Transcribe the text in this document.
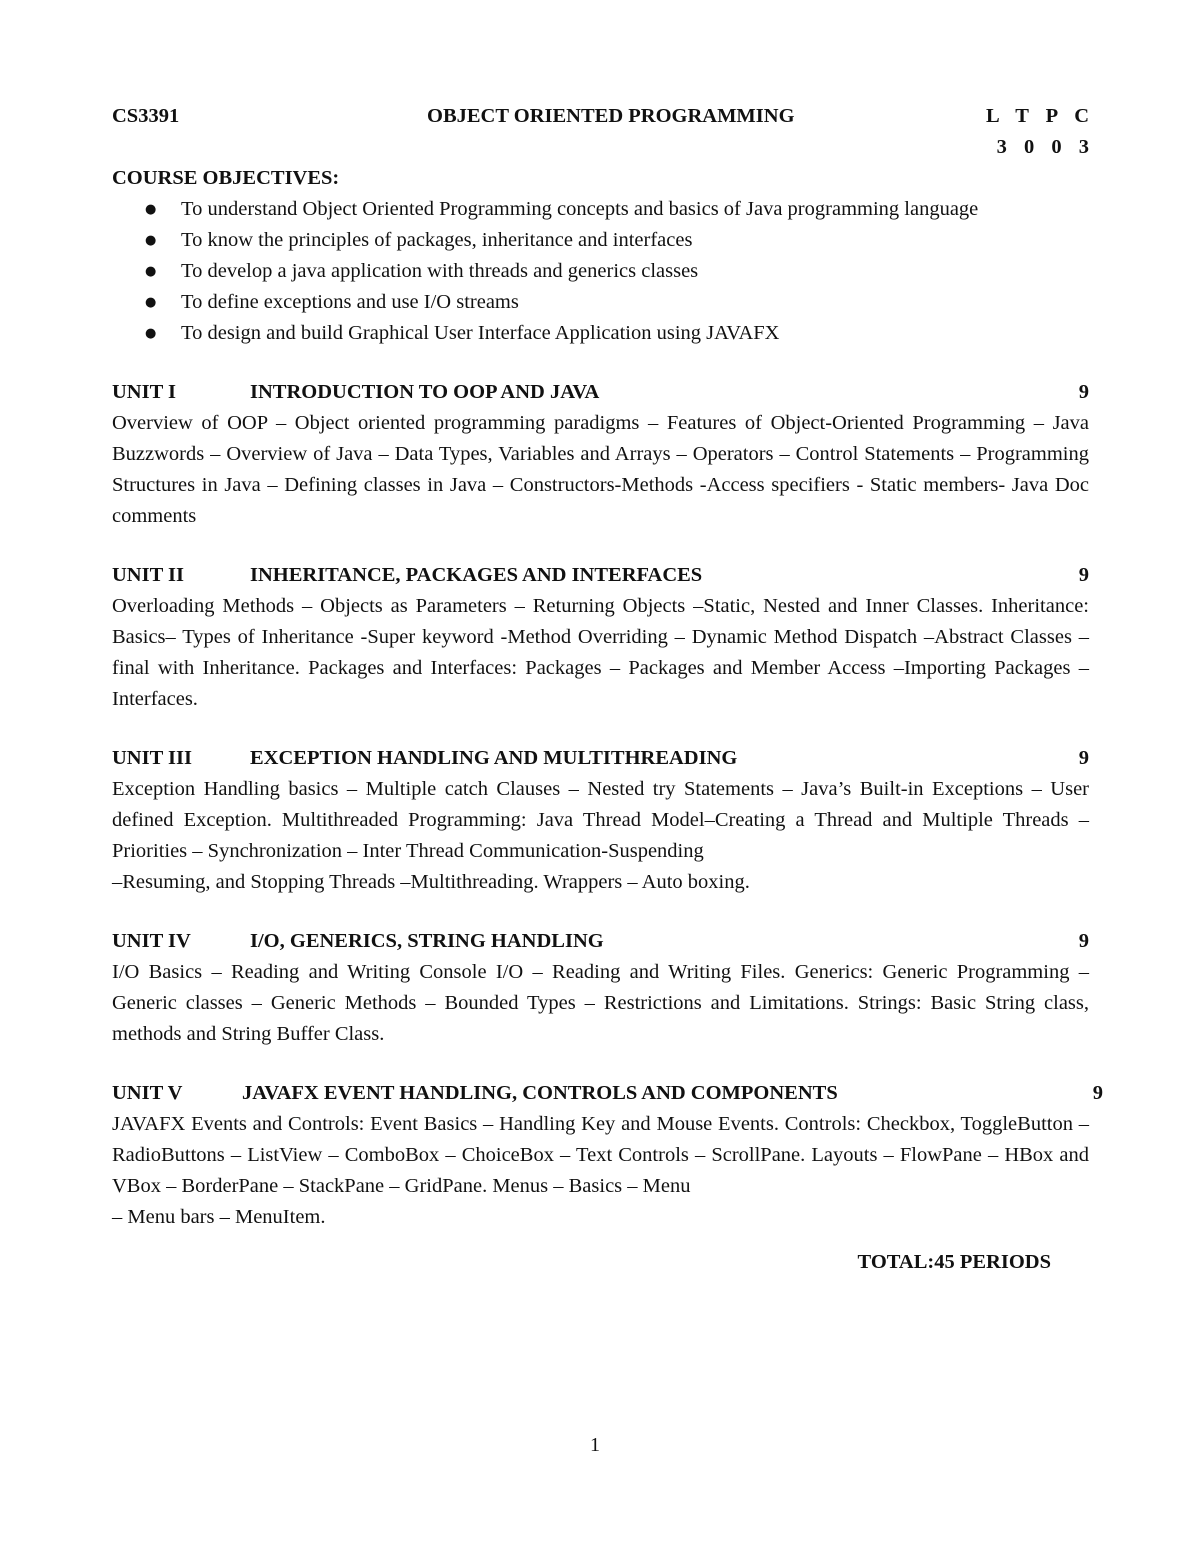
CS3391	OBJECT ORIENTED PROGRAMMING	L T P C
3 0 0 3
COURSE OBJECTIVES:
● To understand Object Oriented Programming concepts and basics of Java programming language
● To know the principles of packages, inheritance and interfaces
● To develop a java application with threads and generics classes
● To define exceptions and use I/O streams
● To design and build Graphical User Interface Application using JAVAFX
UNIT I	INTRODUCTION TO OOP AND JAVA	9

Overview of OOP – Object oriented programming paradigms – Features of Object-Oriented Programming – Java Buzzwords – Overview of Java – Data Types, Variables and Arrays – Operators – Control Statements – Programming Structures in Java – Defining classes in Java – Constructors-Methods -Access specifiers - Static members- Java Doc comments

UNIT II	INHERITANCE, PACKAGES AND INTERFACES	9

Overloading Methods – Objects as Parameters – Returning Objects –Static, Nested and Inner Classes. Inheritance: Basics– Types of Inheritance -Super keyword -Method Overriding – Dynamic Method Dispatch –Abstract Classes – final with Inheritance. Packages and Interfaces: Packages – Packages and Member Access –Importing Packages – Interfaces.

UNIT III	EXCEPTION HANDLING AND MULTITHREADING	9

Exception Handling basics – Multiple catch Clauses – Nested try Statements – Java’s Built-in Exceptions – User defined Exception. Multithreaded Programming: Java Thread Model–Creating a Thread and Multiple Threads – Priorities – Synchronization – Inter Thread Communication-Suspending

–Resuming, and Stopping Threads –Multithreading. Wrappers – Auto boxing.

UNIT IV	I/O, GENERICS, STRING HANDLING	9

I/O Basics – Reading and Writing Console I/O – Reading and Writing Files. Generics: Generic Programming – Generic classes – Generic Methods – Bounded Types – Restrictions and Limitations. Strings: Basic String class, methods and String Buffer Class.

UNIT V	JAVAFX EVENT HANDLING, CONTROLS AND COMPONENTS	9

JAVAFX Events and Controls: Event Basics – Handling Key and Mouse Events. Controls: Checkbox, ToggleButton – RadioButtons – ListView – ComboBox – ChoiceBox – Text Controls – ScrollPane. Layouts – FlowPane – HBox and VBox – BorderPane – StackPane – GridPane. Menus – Basics – Menu

– Menu bars – MenuItem.

TOTAL:45 PERIODS
1
